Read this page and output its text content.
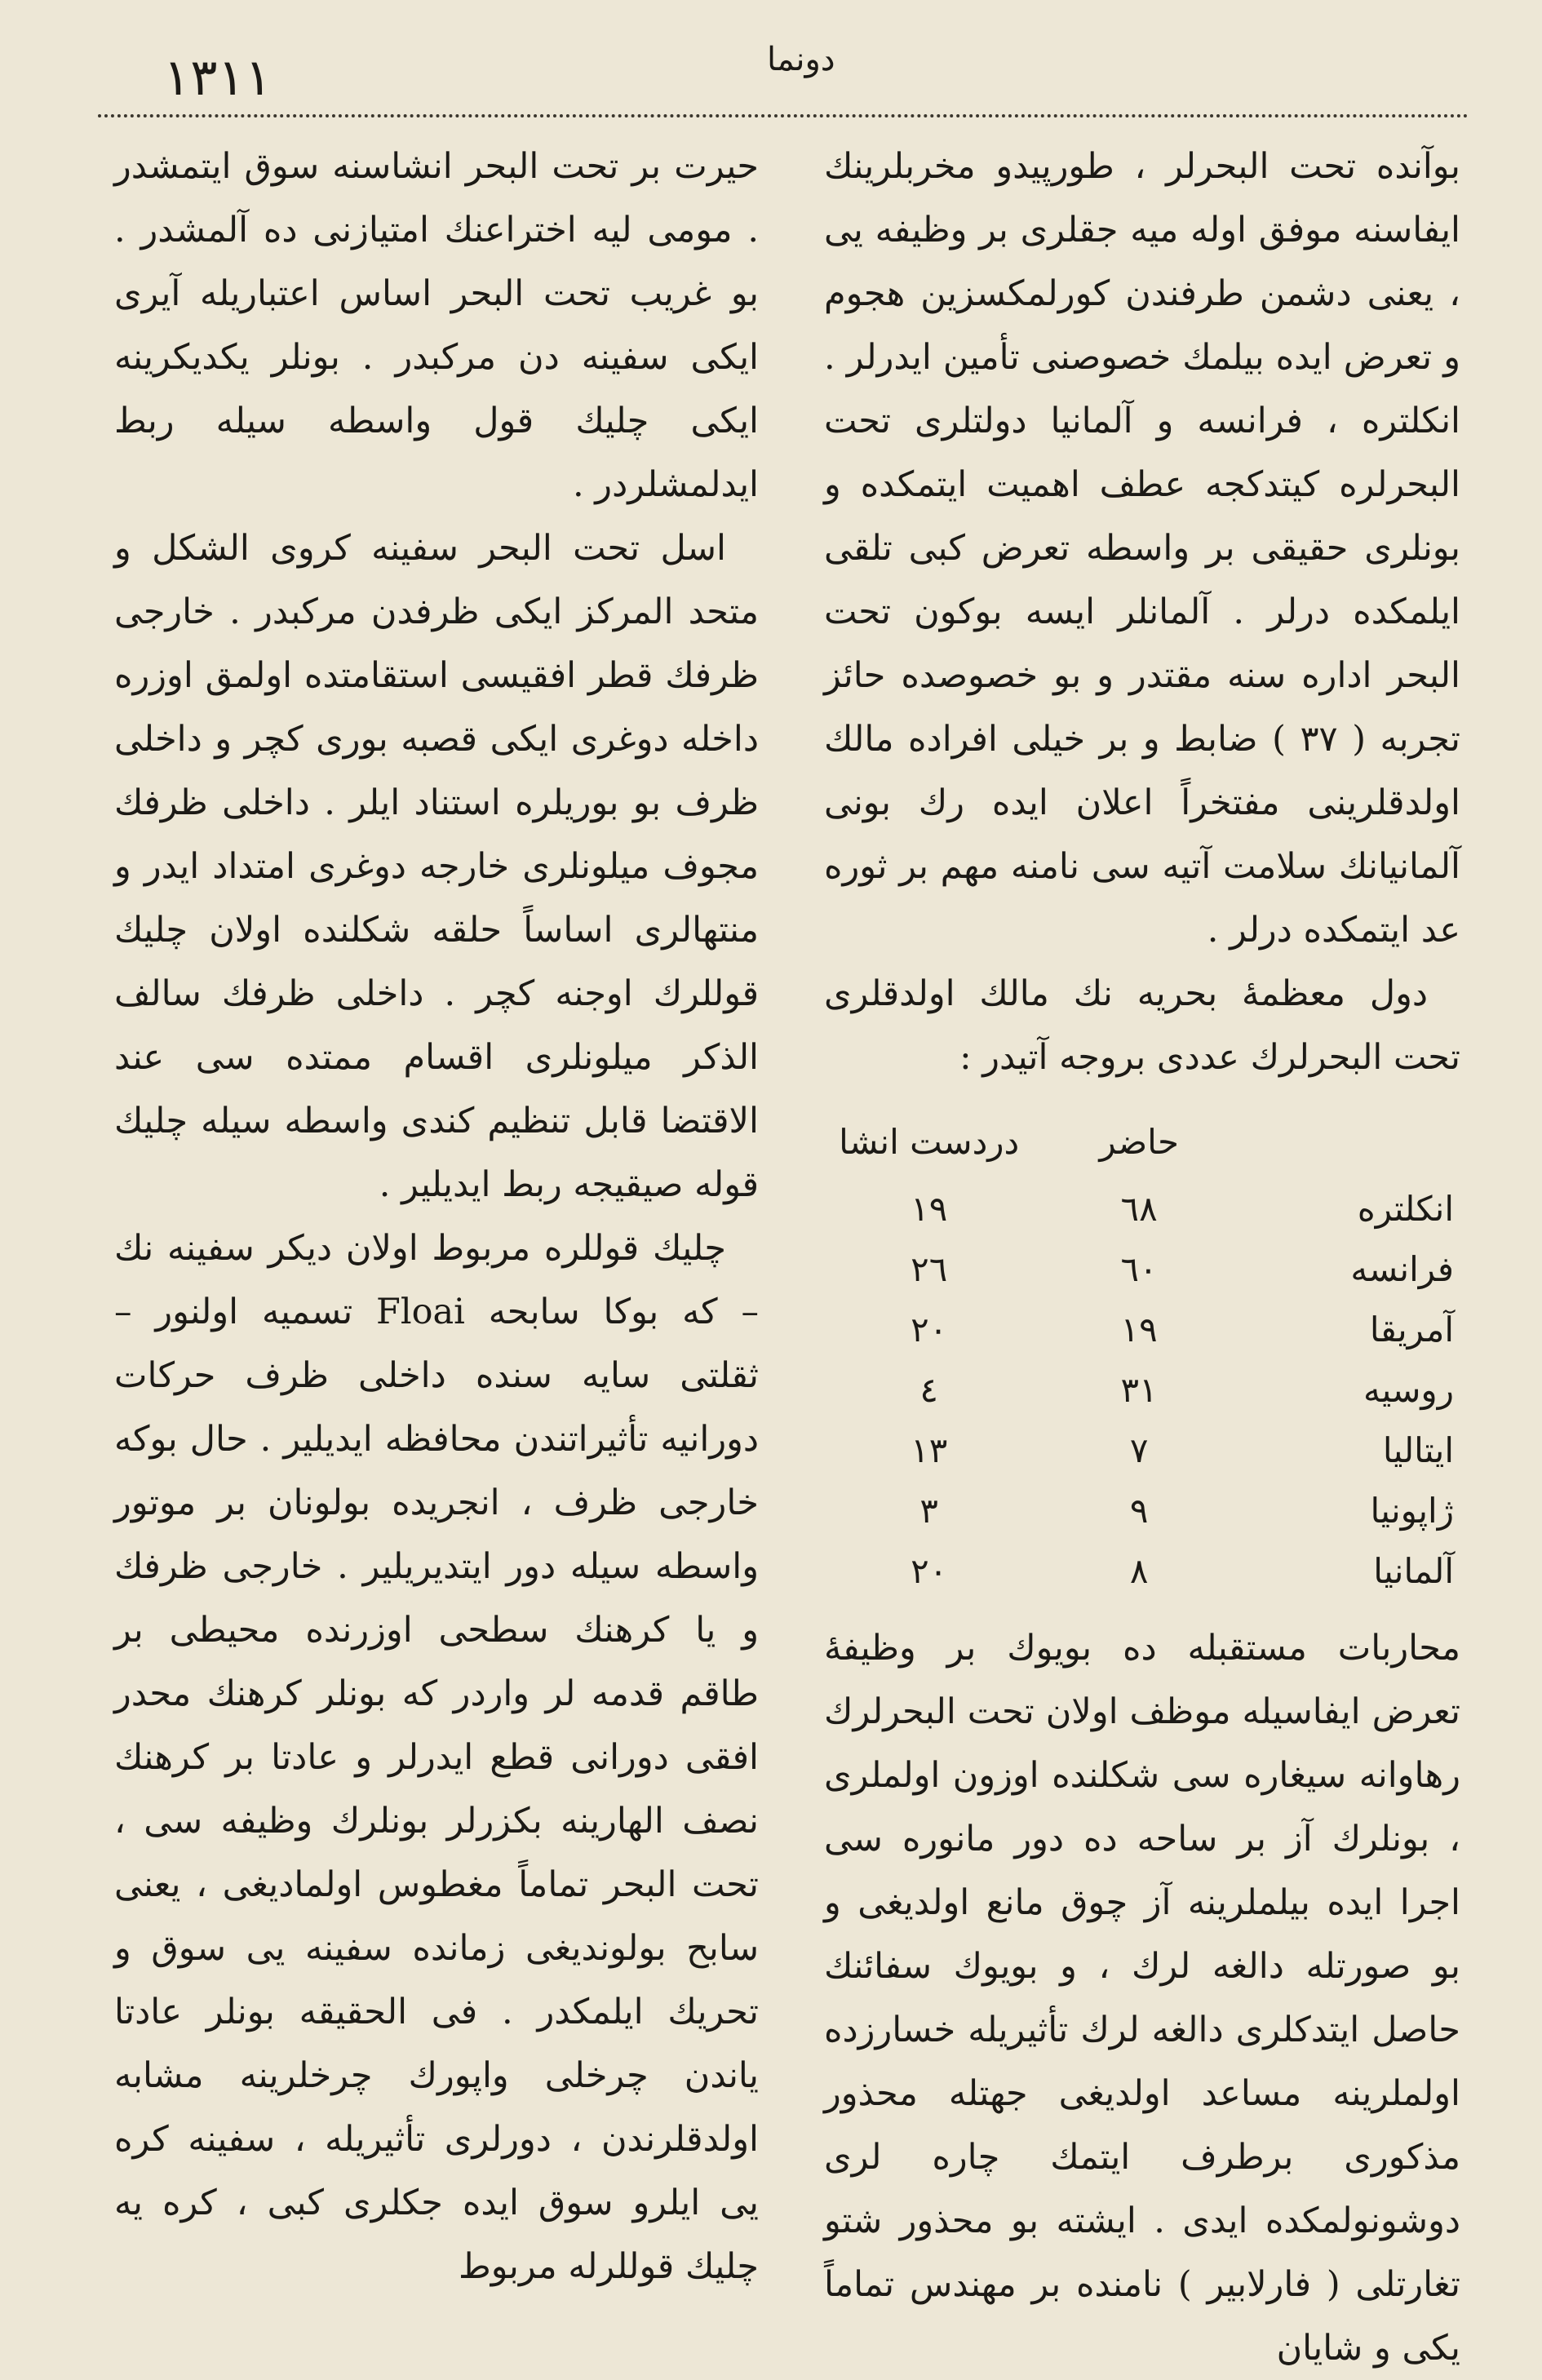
١٣١١	دونما

حيرت بر تحت البحر انشاسنه سوق ايتمشدر . مومى ليه اختراعنك امتيازنى ده آلمشدر . بو غريب تحت البحر اساس اعتباريله آيرى ايكى سفينه دن مركبدر . بونلر يكديكرينه ايكى چليك قول واسطه سيله ربط ايدلمشلردر .

اسل تحت البحر سفينه كروى الشكل و متحد المركز ايكى ظرفدن مركبدر . خارجى ظرفك قطر افقيسى استقامتده اولمق اوزره داخله دوغرى ايكى قصبه بورى كچر و داخلى ظرف بو بوريلره استناد ايلر . داخلى ظرفك مجوف ميلونلرى خارجه دوغرى امتداد ايدر و منتهالرى اساساً حلقه شكلنده اولان چليك قوللرك اوجنه كچر . داخلى ظرفك سالف الذكر ميلونلرى اقسام ممتده سى عند الاقتضا قابل تنظيم كندى واسطه سيله چليك قوله صيقيجه ربط ايديلير .

چليك قوللره مربوط اولان ديكر سفينه نك – كه بوكا سابحه Floai تسميه اولنور – ثقلتى سايه سنده داخلى ظرف حركات دورانيه تأثيراتندن محافظه ايديلير . حال بوكه خارجى ظرف ، انجريده بولونان بر موتور واسطه سيله دور ايتديريلير . خارجى ظرفك و يا كرهنك سطحى اوزرنده محيطى بر طاقم قدمه لر واردر كه بونلر كرهنك محدر افقى دورانى قطع ايدرلر و عادتا بر كرهنك نصف الهارينه بكزرلر بونلرك وظيفه سى ، تحت البحر تماماً مغطوس اولماديغى ، يعنى سابح بولونديغى زمانده سفينه يى سوق و تحريك ايلمكدر . فى الحقيقه بونلر عادتا ياندن چرخلى واپورك چرخلرينه مشابه اولدقلرندن ، دورلرى تأثيريله ، سفينه كره يى ايلرو سوق ايده جكلرى كبى ، كره يه چليك قوللرله مربوط

بوآنده تحت البحرلر ، طورپيدو مخربلرينك ايفاسنه موفق اوله ميه جقلرى بر وظيفه يى ، يعنى دشمن طرفندن كورلمكسزين هجوم و تعرض ايده بيلمك خصوصنى تأمين ايدرلر . انكلتره ، فرانسه و آلمانيا دولتلرى تحت البحرلره كيتدكجه عطف اهميت ايتمكده و بونلرى حقيقى بر واسطه تعرض كبى تلقى ايلمكده درلر . آلمانلر ايسه بوكون تحت البحر اداره سنه مقتدر و بو خصوصده حائز تجربه ( ٣٧ ) ضابط و بر خيلى افراده مالك اولدقلرينى مفتخراً اعلان ايده رك بونى آلمانيانك سلامت آتيه سى نامنه مهم بر ثوره عد ايتمكده درلر .

دول معظمۀ بحريه نك مالك اولدقلرى تحت البحرلرك عددى بروجه آتيدر :

	حاضر	دردست انشا
انكلتره	٦٨	١٩
فرانسه	٦٠	٢٦
آمريقا	١٩	٢٠
روسيه	٣١	٤
ايتاليا	٧	١٣
ژاپونيا	٩	٣
آلمانيا	٨	٢٠

محاربات مستقبله ده بويوك بر وظيفۀ تعرض ايفاسيله موظف اولان تحت البحرلرك رهاوانه سيغاره سى شكلنده اوزون اولملرى ، بونلرك آز بر ساحه ده دور مانوره سى اجرا ايده بيلملرينه آز چوق مانع اولديغى و بو صورتله دالغه لرك ، و بويوك سفائنك حاصل ايتدكلرى دالغه لرك تأثيريله خسارزده اولملرينه مساعد اولديغى جهتله محذور مذكورى برطرف ايتمك چاره لرى دوشونولمكده ايدى . ايشته بو محذور شتو تغارتلى ( فارلابير ) نامنده بر مهندس تماماً يكى و شايان
